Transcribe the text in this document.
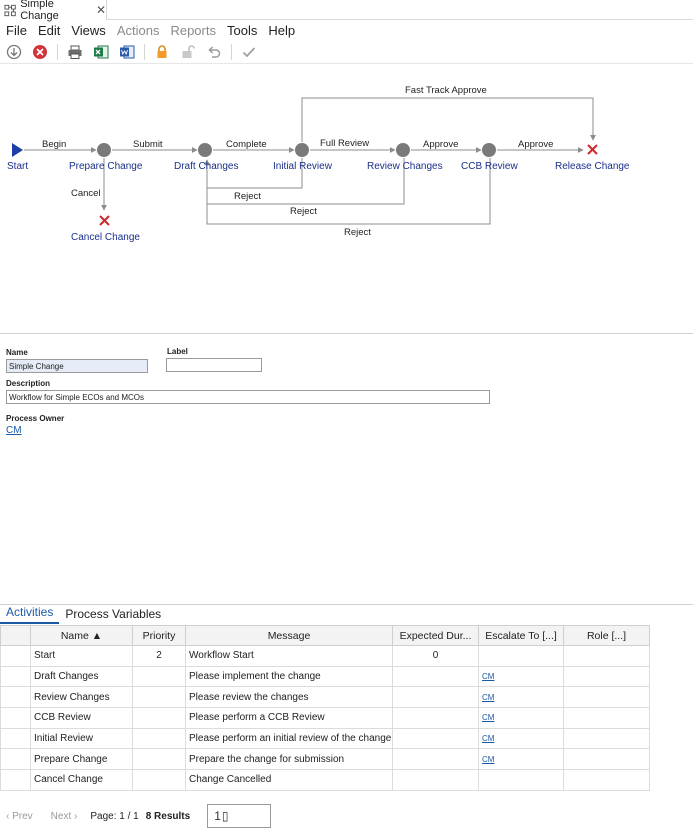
Simple Change	✕
File Edit Views Actions Reports Tools Help
Begin	Submit	Complete	Full Review	Approve	Approve
Fast Track Approve
Cancel	Reject
Reject
Reject
Start	Prepare Change	Draft Changes	Initial Review	Review Changes CCB Review	Release Change
Cancel Change
Name
Simple Change
Label
Description
Workflow for Simple ECOs and MCOs
Process Owner
CM
Activities	Process Variables
	Name ▲	Priority	Message	Expected Dur...	Escalate To [...]	Role [...]
	Start	2	Workflow Start	0		
	Draft Changes		Please implement the change		CM	
	Review Changes		Please review the changes		CM	
	CCB Review		Please perform a CCB Review		CM	
	Initial Review		Please perform an initial review of the change		CM	
	Prepare Change		Prepare the change for submission		CM	
	Cancel Change		Change Cancelled			
‹ Prev Next › Page: 1 / 1 8 Results 1 ▯
